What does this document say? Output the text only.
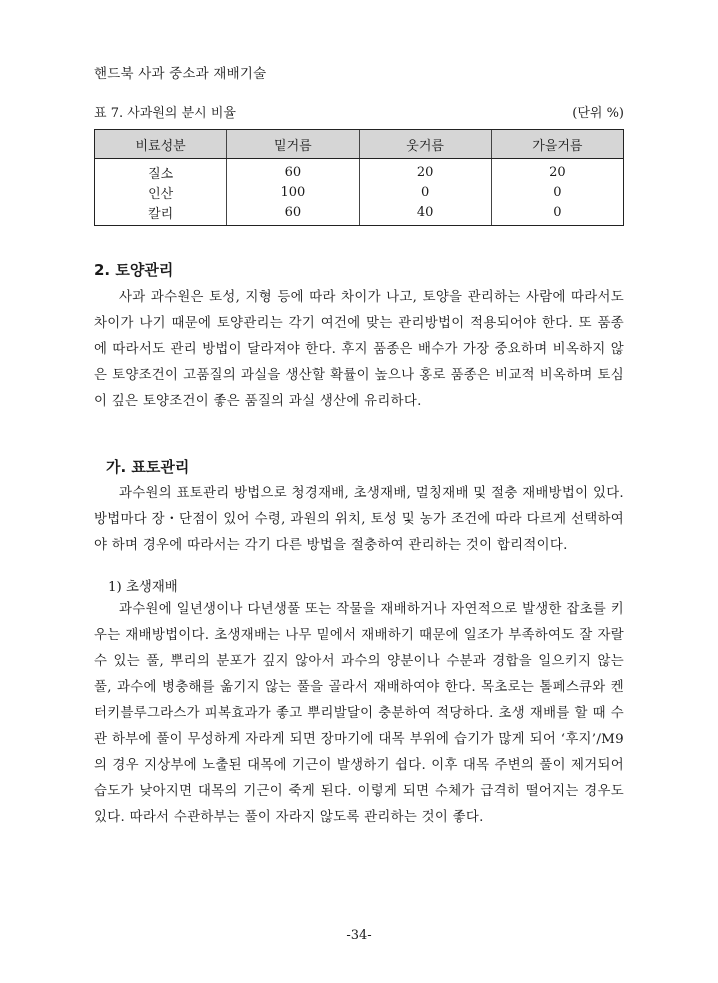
핸드북 사과 중소과 재배기술
표 7. 사과원의 분시 비율	(단위 %)
비료성분	밑거름	웃거름	가을거름
질소	60	20	20
인산	100	0	0
칼리	60	40	0
2. 토양관리

사과 과수원은 토성, 지형 등에 따라 차이가 나고, 토양을 관리하는 사람에 따라서도 차이가 나기 때문에 토양관리는 각기 여건에 맞는 관리방법이 적용되어야 한다. 또 품종에 따라서도 관리 방법이 달라져야 한다. 후지 품종은 배수가 가장 중요하며 비옥하지 않은 토양조건이 고품질의 과실을 생산할 확률이 높으나 홍로 품종은 비교적 비옥하며 토심이 깊은 토양조건이 좋은 품질의 과실 생산에 유리하다.

가. 표토관리

과수원의 표토관리 방법으로 청경재배, 초생재배, 멀칭재배 및 절충 재배방법이 있다. 방법마다 장・단점이 있어 수령, 과원의 위치, 토성 및 농가 조건에 따라 다르게 선택하여야 하며 경우에 따라서는 각기 다른 방법을 절충하여 관리하는 것이 합리적이다.

1) 초생재배

과수원에 일년생이나 다년생풀 또는 작물을 재배하거나 자연적으로 발생한 잡초를 키우는 재배방법이다. 초생재배는 나무 밑에서 재배하기 때문에 일조가 부족하여도 잘 자랄 수 있는 풀, 뿌리의 분포가 깊지 않아서 과수의 양분이나 수분과 경합을 일으키지 않는 풀, 과수에 병충해를 옮기지 않는 풀을 골라서 재배하여야 한다. 목초로는 톨페스큐와 켄터키블루그라스가 피복효과가 좋고 뿌리발달이 충분하여 적당하다. 초생 재배를 할 때 수관 하부에 풀이 무성하게 자라게 되면 장마기에 대목 부위에 습기가 많게 되어 ‘후지’/M9의 경우 지상부에 노출된 대목에 기근이 발생하기 쉽다. 이후 대목 주변의 풀이 제거되어 습도가 낮아지면 대목의 기근이 죽게 된다. 이렇게 되면 수체가 급격히 떨어지는 경우도 있다. 따라서 수관하부는 풀이 자라지 않도록 관리하는 것이 좋다.

-34-
